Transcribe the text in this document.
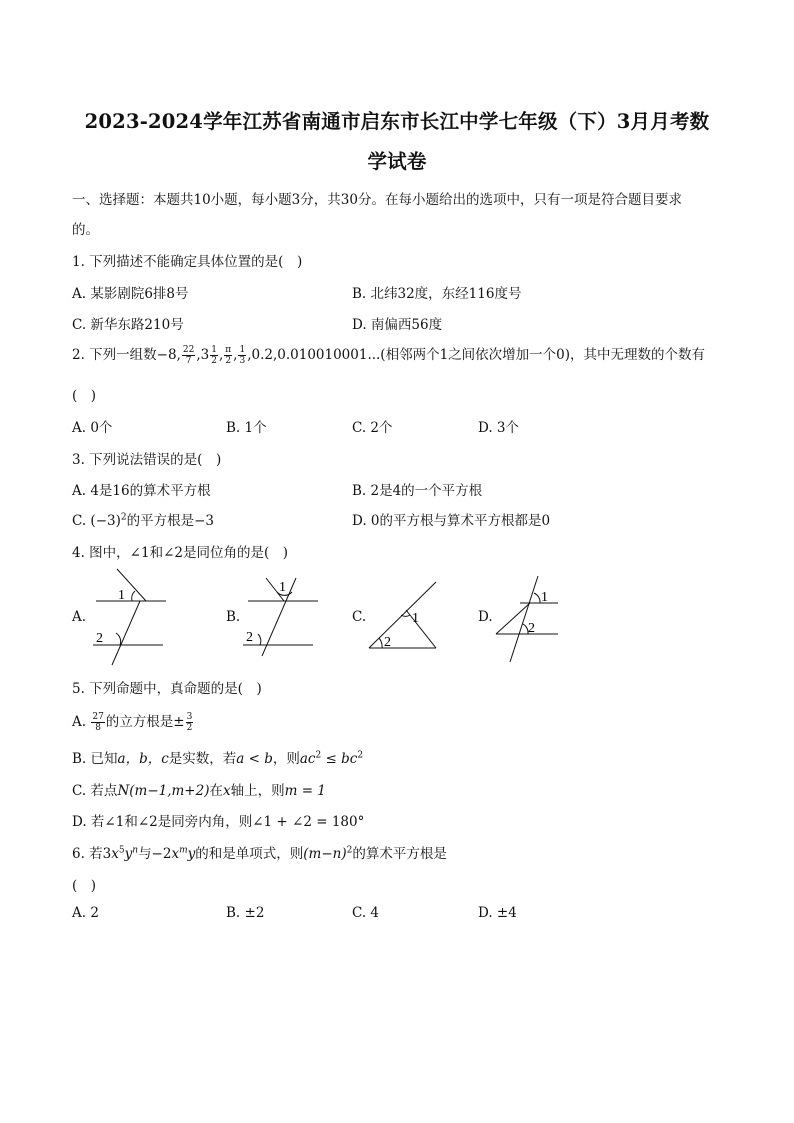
2023-2024学年江苏省南通市启东市长江中学七年级（下）3月月考数
学试卷
一、选择题：本题共10小题，每小题3分，共30分。在每小题给出的选项中，只有一项是符合题目要求
的。
1. 下列描述不能确定具体位置的是(　)
A. 某影剧院6排8号	B. 北纬32度，东经116度号
C. 新华东路210号	D. 南偏西56度
2. 下列一组数−8, $\frac{22}{7} ,3 \frac{1}{2}$ , $\frac{\pi}{2}$ , $\frac{1}{3} ,0.2,0.010010001$...(相邻两个1之间依次增加一个0)，其中无理数的个数有
(　)
A. 0个	B. 1个	C. 2个	D. 3个
3. 下列说法错误的是(　)
A. 4是16的算术平方根	B. 2是4的一个平方根
C. $(-3)^2$的平方根是−3	D. 0的平方根与算术平方根都是0
4. 图中，∠1和∠2是同位角的是(　)
A.	B.	C.	D.
1
2
1
2
1
2
1
2
5. 下列命题中，真命题的是(　)
A. $\frac{27}{8}$ 的立方根是± $\frac{3}{2}$
B. 已知a，b，c是实数，若a < b，则$ac^2 \le bc^2$
C. 若点N(m−1,m+2)在x轴上，则m = 1
D. 若∠1和∠2是同旁内角，则∠1 + ∠2 = 180°
6. 若$3x^5y^n$与$-2x^my$的和是单项式，则$(m-n)^2$的算术平方根是
(　)
A. 2	B. ±2	C. 4	D. ±4
